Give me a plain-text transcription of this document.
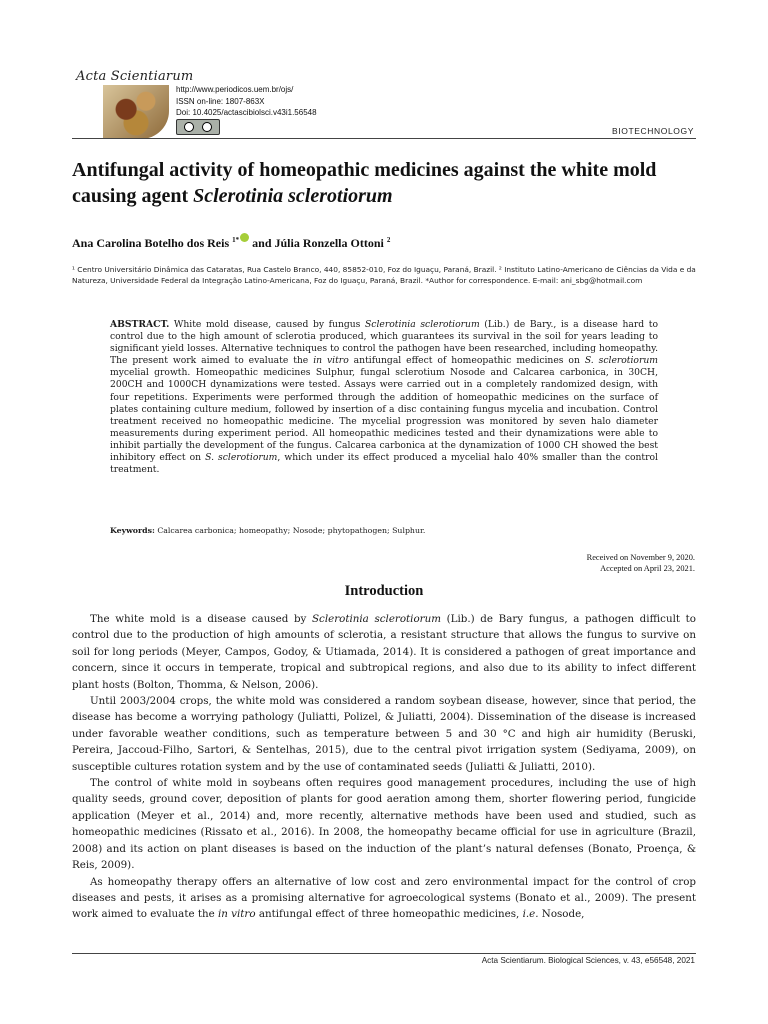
Acta Scientiarum
http://www.periodicos.uem.br/ojs/
ISSN on-line: 1807-863X
Doi: 10.4025/actascibiolsci.v43i1.56548
BIOTECHNOLOGY
Antifungal activity of homeopathic medicines against the white mold causing agent Sclerotinia sclerotiorum
Ana Carolina Botelho dos Reis $^{1*}$ and Júlia Ronzella Ottoni $^2$
¹ Centro Universitário Dinâmica das Cataratas, Rua Castelo Branco, 440, 85852-010, Foz do Iguaçu, Paraná, Brazil. ² Instituto Latino-Americano de Ciências da Vida e da Natureza, Universidade Federal da Integração Latino-Americana, Foz do Iguaçu, Paraná, Brazil. *Author for correspondence. E-mail: ani_sbg@hotmail.com
ABSTRACT. White mold disease, caused by fungus Sclerotinia sclerotiorum (Lib.) de Bary., is a disease hard to control due to the high amount of sclerotia produced, which guarantees its survival in the soil for years leading to significant yield losses. Alternative techniques to control the pathogen have been researched, including homeopathy. The present work aimed to evaluate the in vitro antifungal effect of homeopathic medicines on S. sclerotiorum mycelial growth. Homeopathic medicines Sulphur, fungal sclerotium Nosode and Calcarea carbonica, in 30CH, 200CH and 1000CH dynamizations were tested. Assays were carried out in a completely randomized design, with four repetitions. Experiments were performed through the addition of homeopathic medicines on the surface of plates containing culture medium, followed by insertion of a disc containing fungus mycelia and incubation. Control treatment received no homeopathic medicine. The mycelial progression was monitored by seven halo diameter measurements during experiment period. All homeopathic medicines tested and their dynamizations were able to inhibit partially the development of the fungus. Calcarea carbonica at the dynamization of 1000 CH showed the best inhibitory effect on S. sclerotiorum, which under its effect produced a mycelial halo 40% smaller than the control treatment.
Keywords: Calcarea carbonica; homeopathy; Nosode; phytopathogen; Sulphur.
Received on November 9, 2020.
Accepted on April 23, 2021.
Introduction

The white mold is a disease caused by Sclerotinia sclerotiorum (Lib.) de Bary fungus, a pathogen difficult to control due to the production of high amounts of sclerotia, a resistant structure that allows the fungus to survive on soil for long periods (Meyer, Campos, Godoy, & Utiamada, 2014). It is considered a pathogen of great importance and concern, since it occurs in temperate, tropical and subtropical regions, and also due to its ability to infect different plant hosts (Bolton, Thomma, & Nelson, 2006).

Until 2003/2004 crops, the white mold was considered a random soybean disease, however, since that period, the disease has become a worrying pathology (Juliatti, Polizel, & Juliatti, 2004). Dissemination of the disease is increased under favorable weather conditions, such as temperature between 5 and 30 °C and high air humidity (Beruski, Pereira, Jaccoud-Filho, Sartori, & Sentelhas, 2015), due to the central pivot irrigation system (Sediyama, 2009), on susceptible cultures rotation system and by the use of contaminated seeds (Juliatti & Juliatti, 2010).

The control of white mold in soybeans often requires good management procedures, including the use of high quality seeds, ground cover, deposition of plants for good aeration among them, shorter flowering period, fungicide application (Meyer et al., 2014) and, more recently, alternative methods have been used and studied, such as homeopathic medicines (Rissato et al., 2016). In 2008, the homeopathy became official for use in agriculture (Brazil, 2008) and its action on plant diseases is based on the induction of the plant’s natural defenses (Bonato, Proença, & Reis, 2009).

As homeopathy therapy offers an alternative of low cost and zero environmental impact for the control of crop diseases and pests, it arises as a promising alternative for agroecological systems (Bonato et al., 2009). The present work aimed to evaluate the in vitro antifungal effect of three homeopathic medicines, i.e. Nosode,

Acta Scientiarum. Biological Sciences, v. 43, e56548, 2021
